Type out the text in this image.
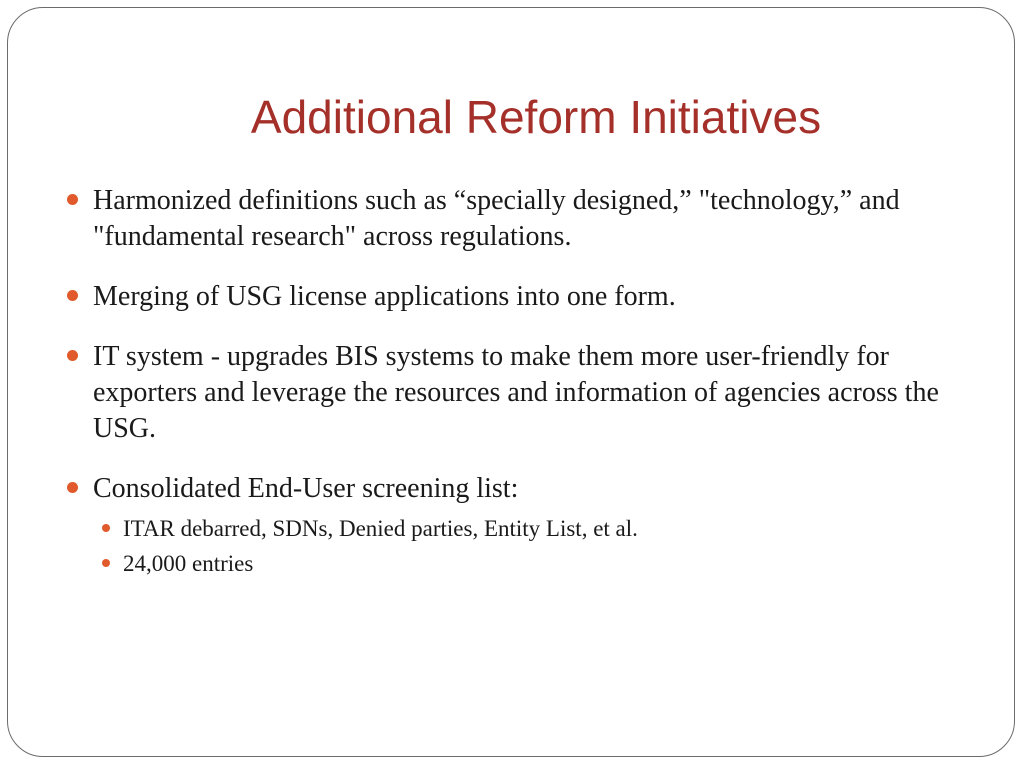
Additional Reform Initiatives
Harmonized definitions such as “specially designed,” "technology,” and "fundamental research" across regulations.
Merging of USG license applications into one form.
IT system - upgrades BIS systems to make them more user-friendly for exporters and leverage the resources and information of agencies across the USG.
Consolidated End-User screening list:
ITAR debarred, SDNs, Denied parties, Entity List, et al.
24,000 entries
